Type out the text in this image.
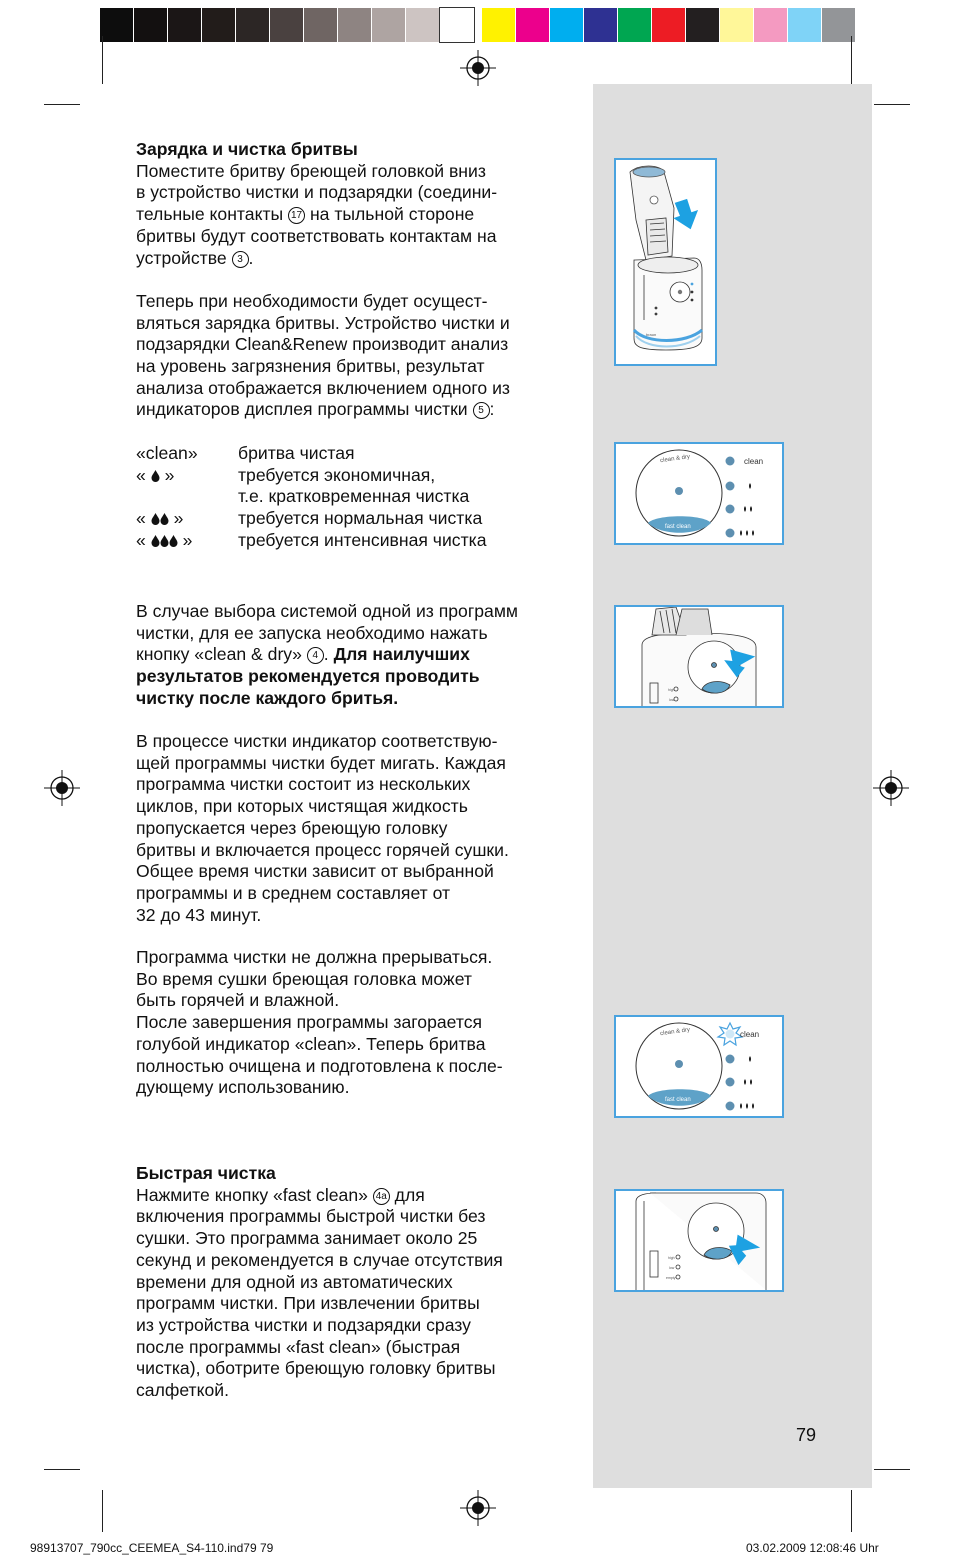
Зарядка и чистка бритвы

Поместите бритву бреющей головкой вниз

в устройство чистки и подзарядки (соедини-

тельные контакты 17 на тыльной стороне

бритвы будут соответствовать контактам на

устройстве 3 .

Теперь при необходимости будет осущест-

вляться зарядка бритвы. Устройство чистки и

подзарядки Clean&Renew производит анализ

на уровень загрязнения бритвы, результат

анализа отображается включением одного из

индикаторов дисплея программы чистки 5 :

«clean»	бритва чистая
«  »	требуется экономичная,
т.е. кратковременная чистка
«  »	требуется нормальная чистка
«  »	требуется интенсивная чистка

В случае выбора системой одной из программ

чистки, для ее запуска необходимо нажать

кнопку «clean & dry» 4 . Для наилучших

результатов рекомендуется проводить

чистку после каждого бритья.

В процессе чистки индикатор соответствую-

щей программы чистки будет мигать. Каждая

программа чистки состоит из нескольких

циклов, при которых чистящая жидкость

пропускается через бреющую головку

бритвы и включается процесс горячей сушки.

Общее время чистки зависит от выбранной

программы и в среднем составляет от

32 до 43 минут.

Программа чистки не должна прерываться.

Во время сушки бреющая головка может

быть горячей и влажной.

После завершения программы загорается

голубой индикатор «clean». Теперь бритва

полностью очищена и подготовлена к после-

дующему использованию.

Быстрая чистка

Нажмите кнопку «fast clean» 4a для

включения программы быстрой чистки без

сушки. Это программа занимает около 25

секунд и рекомендуется в случае отсутствия

времени для одной из автоматических

программ чистки. При извлечении бритвы

из устройства чистки и подзарядки сразу

после программы «fast clean» (быстрая

чистка), оботрите бреющую головку бритвы

салфеткой.

braun
clean & dry
fast clean
clean
high
low
clean & dry
fast clean
clean
high
low
empty
79
98913707_790cc_CEEMEA_S4-110.ind79 79	03.02.2009 12:08:46 Uhr
